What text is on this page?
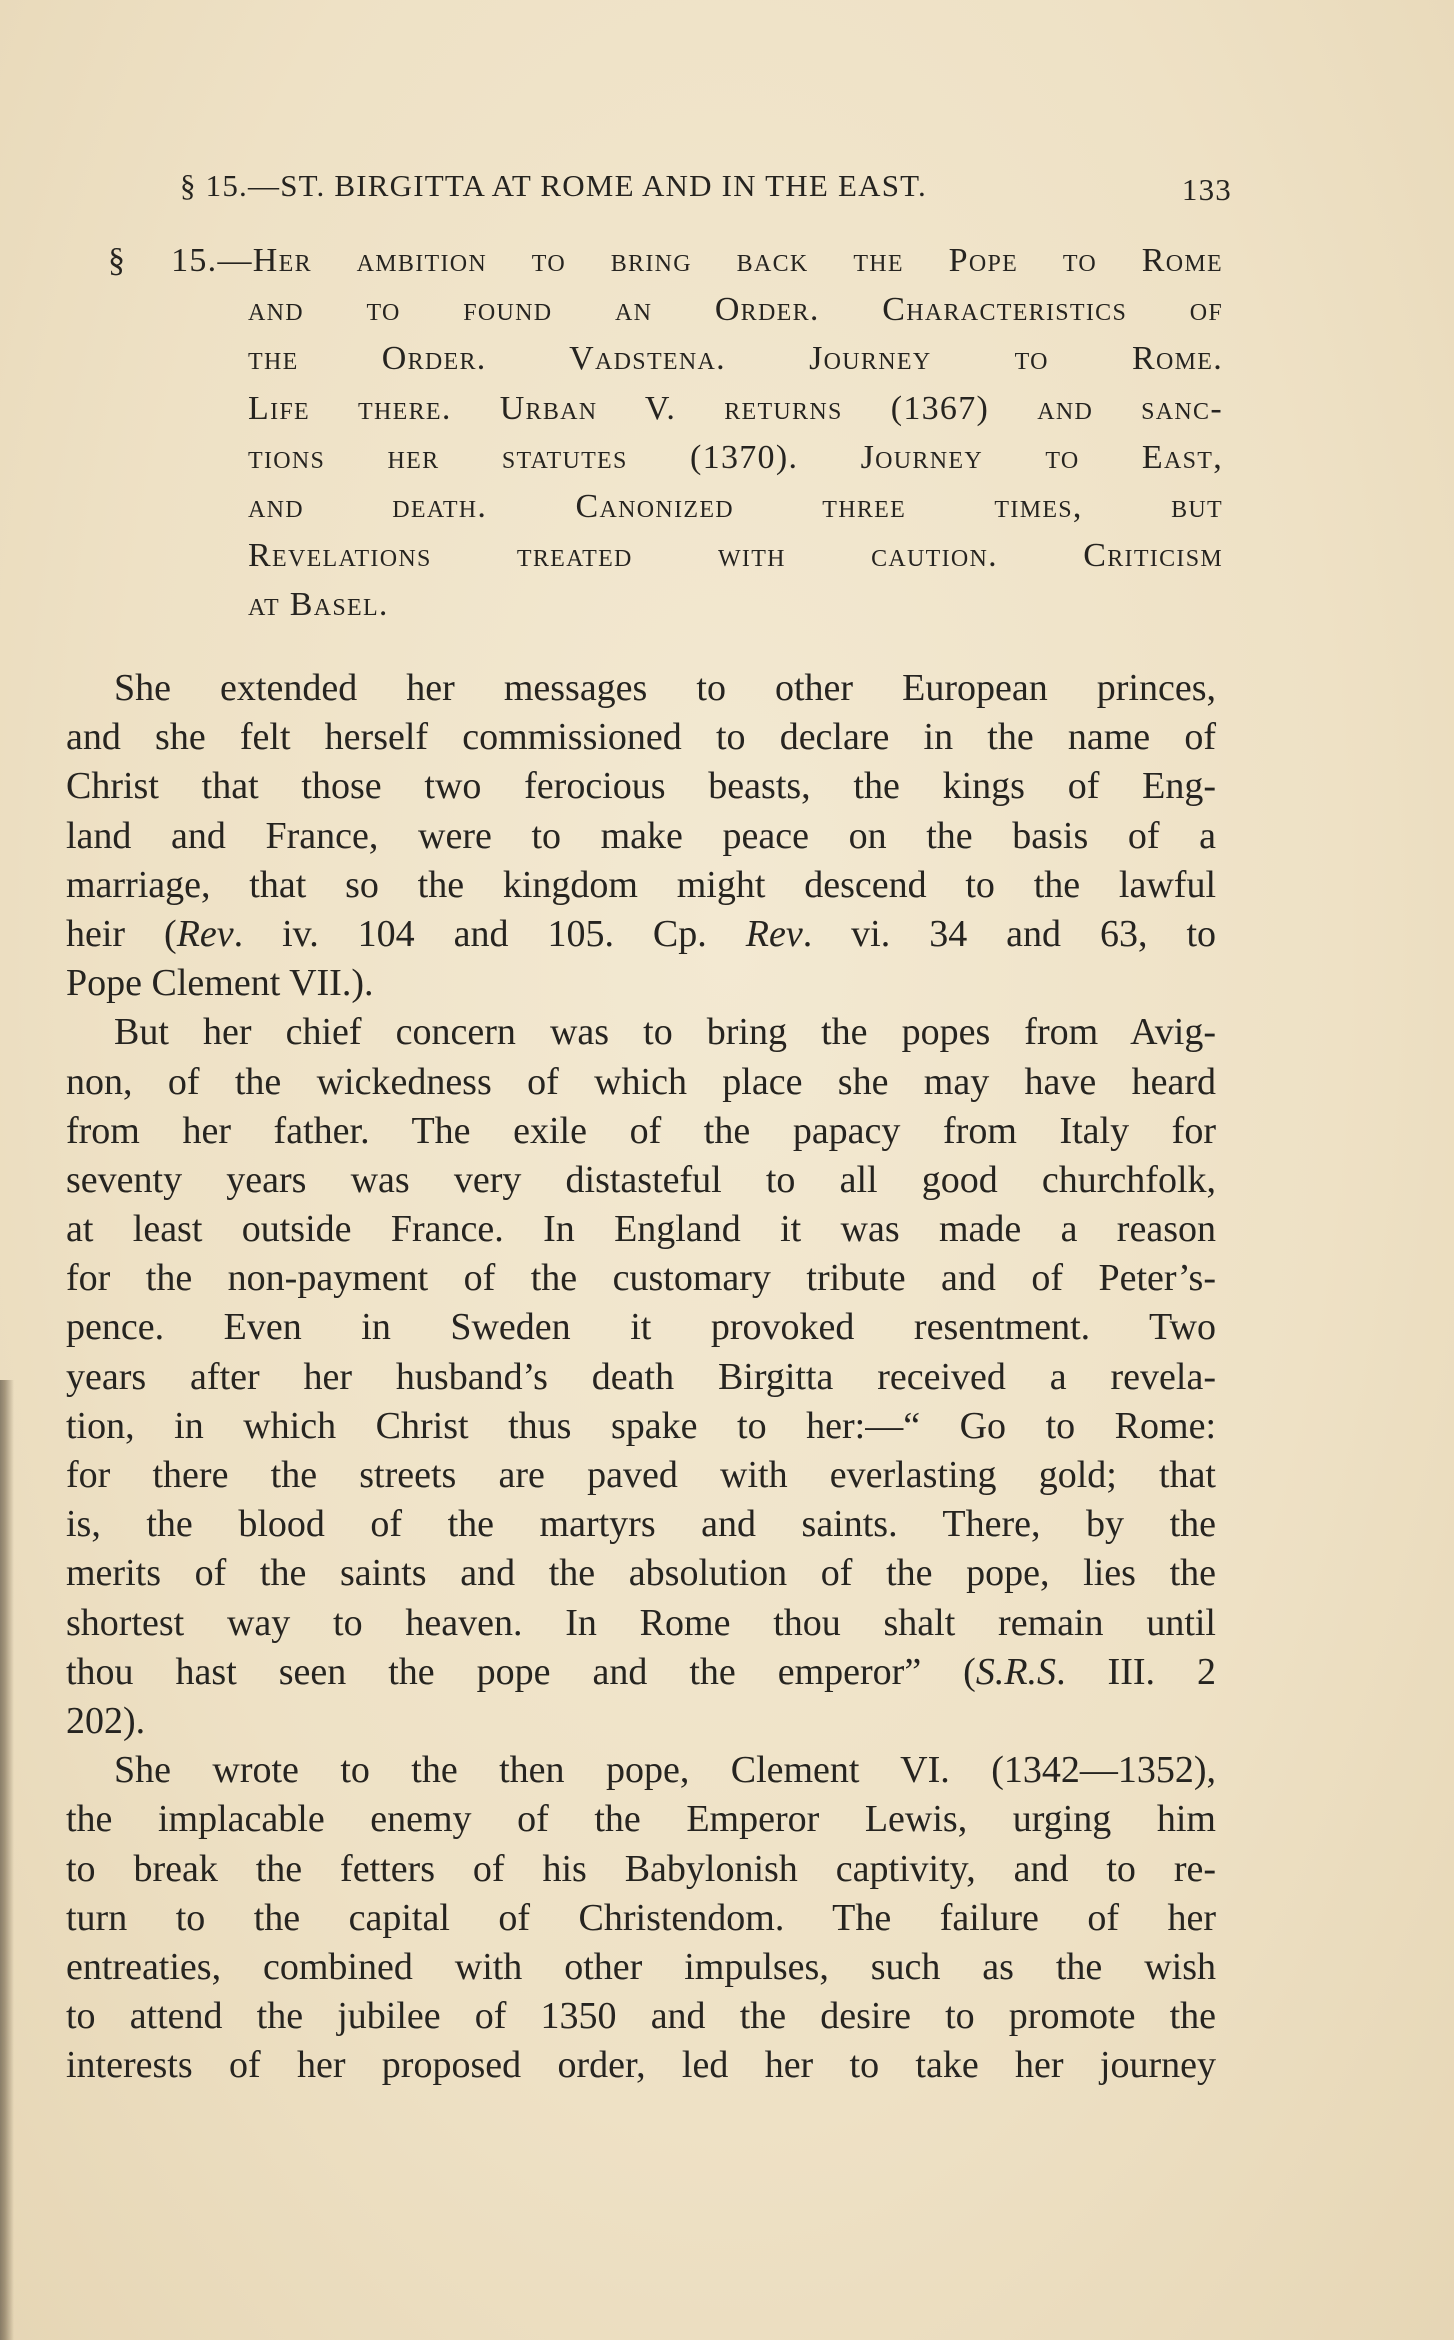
§ 15.—ST. BIRGITTA AT ROME AND IN THE EAST.	133
§ 15.—Her ambition to bring back the Pope to Rome
and to found an Order. Characteristics of
the Order. Vadstena. Journey to Rome.
Life there. Urban V. returns (1367) and sanc-
tions her statutes (1370). Journey to East,
and death. Canonized three times, but
Revelations treated with caution. Criticism
at Basel.
She extended her messages to other European princes,
and she felt herself commissioned to declare in the name of
Christ that those two ferocious beasts, the kings of Eng-
land and France, were to make peace on the basis of a
marriage, that so the kingdom might descend to the lawful
heir (Rev. iv. 104 and 105. Cp. Rev. vi. 34 and 63, to
Pope Clement VII.).
But her chief concern was to bring the popes from Avig-
non, of the wickedness of which place she may have heard
from her father. The exile of the papacy from Italy for
seventy years was very distasteful to all good churchfolk,
at least outside France. In England it was made a reason
for the non-payment of the customary tribute and of Peter’s-
pence. Even in Sweden it provoked resentment. Two
years after her husband’s death Birgitta received a revela-
tion, in which Christ thus spake to her:—“ Go to Rome:
for there the streets are paved with everlasting gold; that
is, the blood of the martyrs and saints. There, by the
merits of the saints and the absolution of the pope, lies the
shortest way to heaven. In Rome thou shalt remain until
thou hast seen the pope and the emperor” (S.R.S. III. 2
202).
She wrote to the then pope, Clement VI. (1342—1352),
the implacable enemy of the Emperor Lewis, urging him
to break the fetters of his Babylonish captivity, and to re-
turn to the capital of Christendom. The failure of her
entreaties, combined with other impulses, such as the wish
to attend the jubilee of 1350 and the desire to promote the
interests of her proposed order, led her to take her journey
